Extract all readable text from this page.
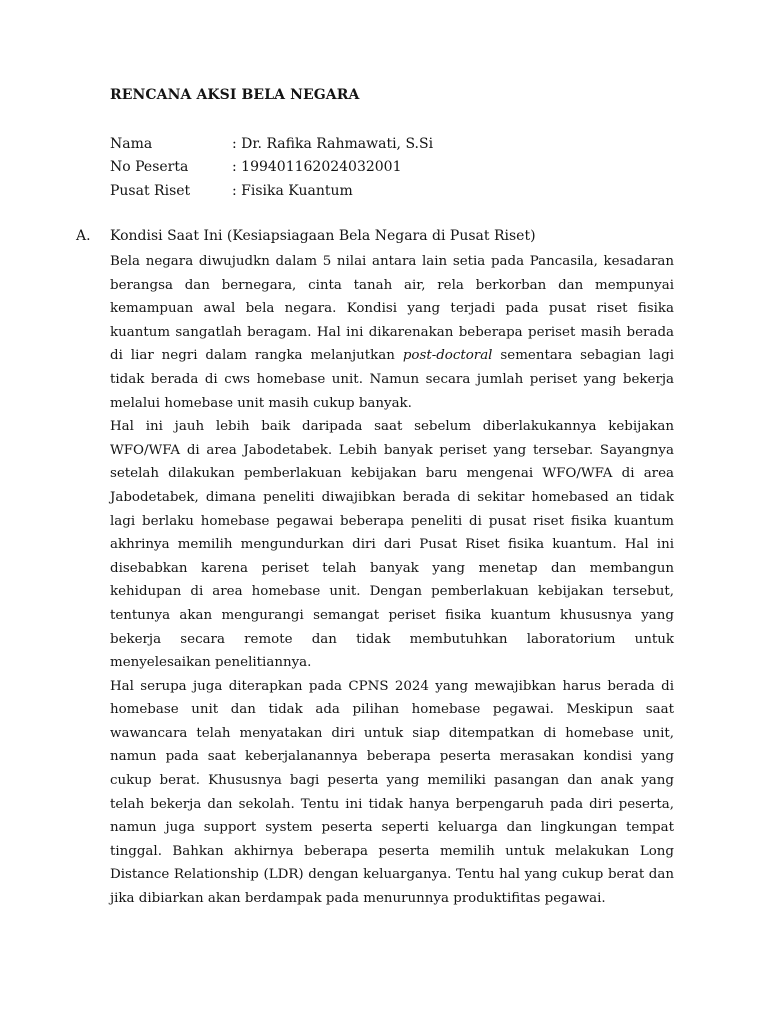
RENCANA AKSI BELA NEGARA
Nama	: Dr. Rafika Rahmawati, S.Si
No Peserta	: 199401162024032001
Pusat Riset	: Fisika Kuantum
A. Kondisi Saat Ini (Kesiapsiagaan Bela Negara di Pusat Riset)

Bela negara diwujudkn dalam 5 nilai antara lain setia pada Pancasila, kesadaran berangsa dan bernegara, cinta tanah air, rela berkorban dan mempunyai kemampuan awal bela negara. Kondisi yang terjadi pada pusat riset fisika kuantum sangatlah beragam. Hal ini dikarenakan beberapa periset masih berada di liar negri dalam rangka melanjutkan post-doctoral sementara sebagian lagi tidak berada di cws homebase unit. Namun secara jumlah periset yang bekerja melalui homebase unit masih cukup banyak.

Hal ini jauh lebih baik daripada saat sebelum diberlakukannya kebijakan WFO/WFA di area Jabodetabek. Lebih banyak periset yang tersebar. Sayangnya setelah dilakukan pemberlakuan kebijakan baru mengenai WFO/WFA di area Jabodetabek, dimana peneliti diwajibkan berada di sekitar homebased an tidak lagi berlaku homebase pegawai beberapa peneliti di pusat riset fisika kuantum akhrinya memilih mengundurkan diri dari Pusat Riset fisika kuantum. Hal ini disebabkan karena periset telah banyak yang menetap dan membangun kehidupan di area homebase unit. Dengan pemberlakuan kebijakan tersebut, tentunya akan mengurangi semangat periset fisika kuantum khususnya yang bekerja secara remote dan tidak membutuhkan laboratorium untuk menyelesaikan penelitiannya.

Hal serupa juga diterapkan pada CPNS 2024 yang mewajibkan harus berada di homebase unit dan tidak ada pilihan homebase pegawai. Meskipun saat wawancara telah menyatakan diri untuk siap ditempatkan di homebase unit, namun pada saat keberjalanannya beberapa peserta merasakan kondisi yang cukup berat. Khususnya bagi peserta yang memiliki pasangan dan anak yang telah bekerja dan sekolah. Tentu ini tidak hanya berpengaruh pada diri peserta, namun juga support system peserta seperti keluarga dan lingkungan tempat tinggal. Bahkan akhirnya beberapa peserta memilih untuk melakukan Long Distance Relationship (LDR) dengan keluarganya. Tentu hal yang cukup berat dan jika dibiarkan akan berdampak pada menurunnya produktifitas pegawai.
